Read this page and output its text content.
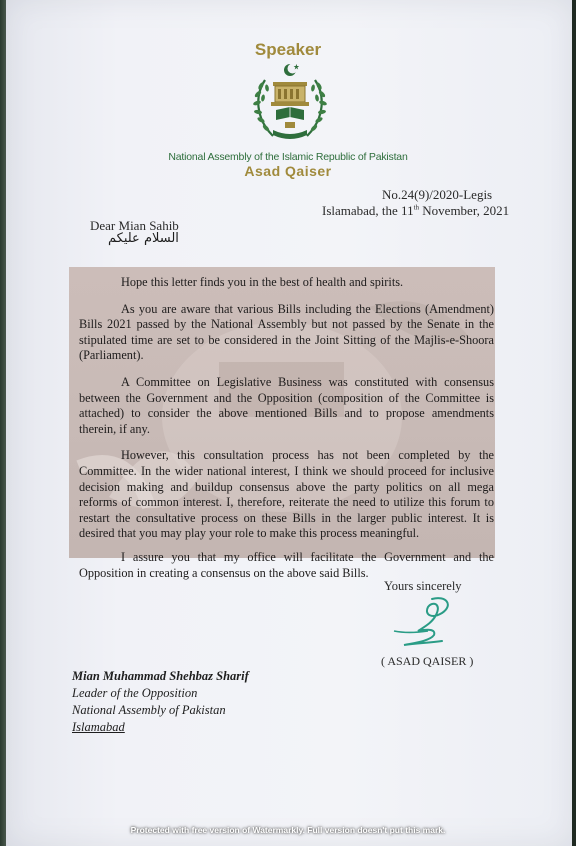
Speaker
National Assembly of the Islamic Republic of Pakistan
Asad Qaiser
No.24(9)/2020-Legis
Islamabad, the 11th November, 2021
Dear Mian Sahib
السلام علیکم

Hope this letter finds you in the best of health and spirits.

As you are aware that various Bills including the Elections (Amendment) Bills 2021 passed by the National Assembly but not passed by the Senate in the stipulated time are set to be considered in the Joint Sitting of the Majlis-e-Shoora (Parliament).

A Committee on Legislative Business was constituted with consensus between the Government and the Opposition (composition of the Committee is attached) to consider the above mentioned Bills and to propose amendments therein, if any.

However, this consultation process has not been completed by the Committee. In the wider national interest, I think we should proceed for inclusive decision making and buildup consensus above the party politics on all mega reforms of common interest. I, therefore, reiterate the need to utilize this forum to restart the consultative process on these Bills in the larger public interest. It is desired that you may play your role to make this process meaningful.

I assure you that my office will facilitate the Government and the Opposition in creating a consensus on the above said Bills.

Yours sincerely
( ASAD QAISER )
Mian Muhammad Shehbaz Sharif
Leader of the Opposition
National Assembly of Pakistan
Islamabad
Protected with free version of Watermarkly. Full version doesn't put this mark.
